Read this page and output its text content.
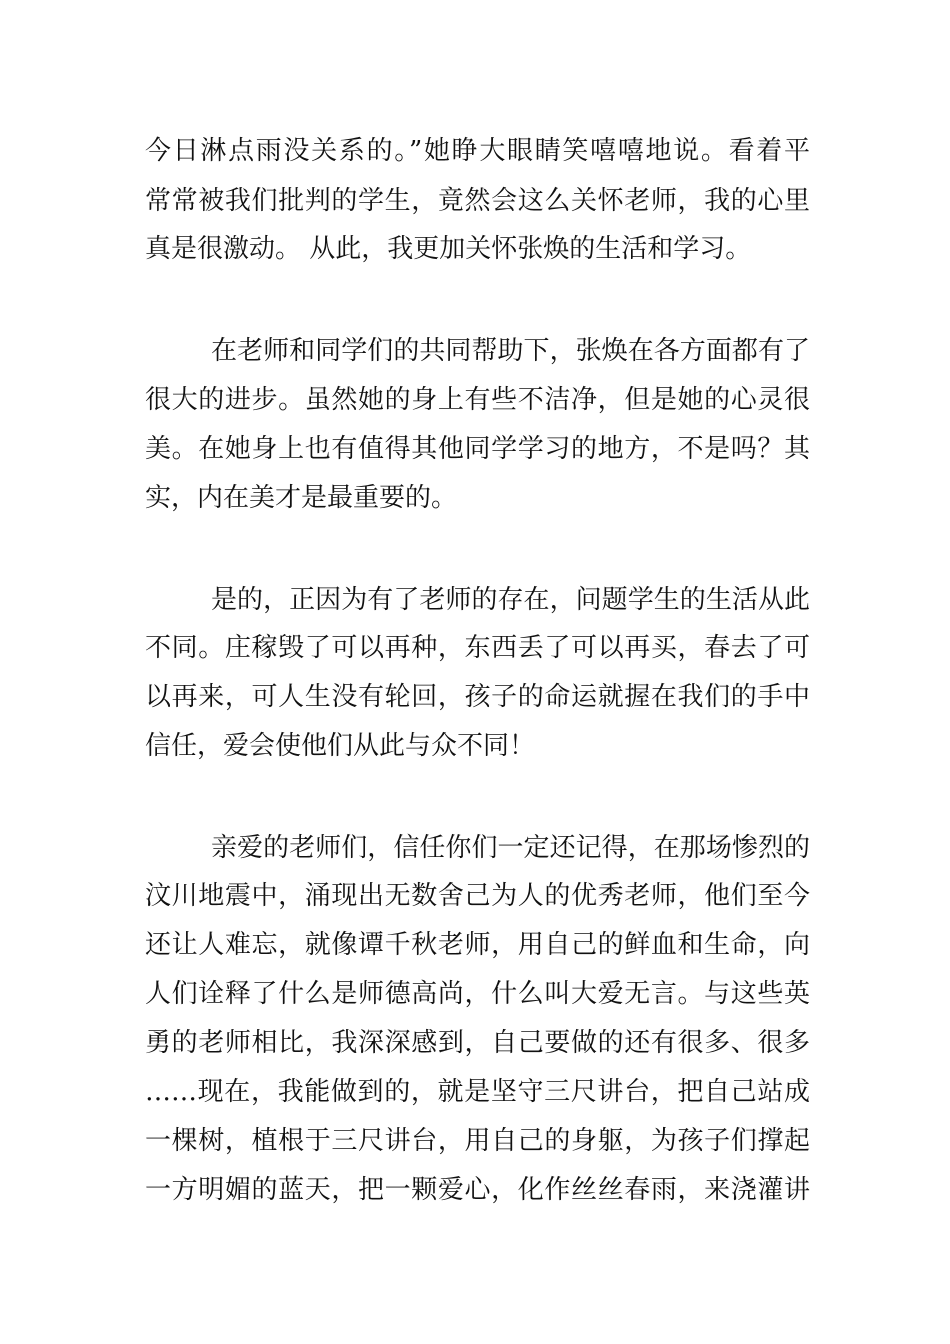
今日淋点雨没关系的。”她睁大眼睛笑嘻嘻地说。看着平
常常被我们批判的学生，竟然会这么关怀老师，我的心里
真是很激动。 从此，我更加关怀张焕的生活和学习。
在老师和同学们的共同帮助下，张焕在各方面都有了
很大的进步。虽然她的身上有些不洁净，但是她的心灵很
美。在她身上也有值得其他同学学习的地方，不是吗？其
实，内在美才是最重要的。
是的，正因为有了老师的存在，问题学生的生活从此
不同。庄稼毁了可以再种，东西丢了可以再买，春去了可
以再来，可人生没有轮回，孩子的命运就握在我们的手中
信任，爱会使他们从此与众不同！
亲爱的老师们，信任你们一定还记得，在那场惨烈的
汶川地震中，涌现出无数舍己为人的优秀老师，他们至今
还让人难忘，就像谭千秋老师，用自己的鲜血和生命，向
人们诠释了什么是师德高尚，什么叫大爱无言。与这些英
勇的老师相比，我深深感到，自己要做的还有很多、很多
……现在，我能做到的，就是坚守三尺讲台，把自己站成
一棵树，植根于三尺讲台，用自己的身躯，为孩子们撑起
一方明媚的蓝天，把一颗爱心，化作丝丝春雨，来浇灌讲
